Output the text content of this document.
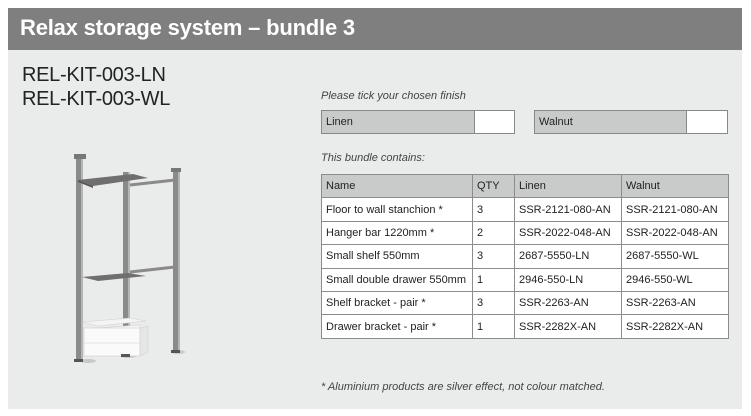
Relax storage system – bundle 3
REL-KIT-003-LN
REL-KIT-003-WL	Please tick your chosen finish
Linen	Walnut
This bundle contains:
Name	QTY	Linen	Walnut
Floor to wall stanchion *	3	SSR-2121-080-AN	SSR-2121-080-AN
Hanger bar 1220mm *	2	SSR-2022-048-AN	SSR-2022-048-AN
Small shelf 550mm	3	2687-5550-LN	2687-5550-WL
Small double drawer 550mm	1	2946-550-LN	2946-550-WL
Shelf bracket - pair *	3	SSR-2263-AN	SSR-2263-AN
Drawer bracket - pair *	1	SSR-2282X-AN	SSR-2282X-AN
* Aluminium products are silver effect, not colour matched.
